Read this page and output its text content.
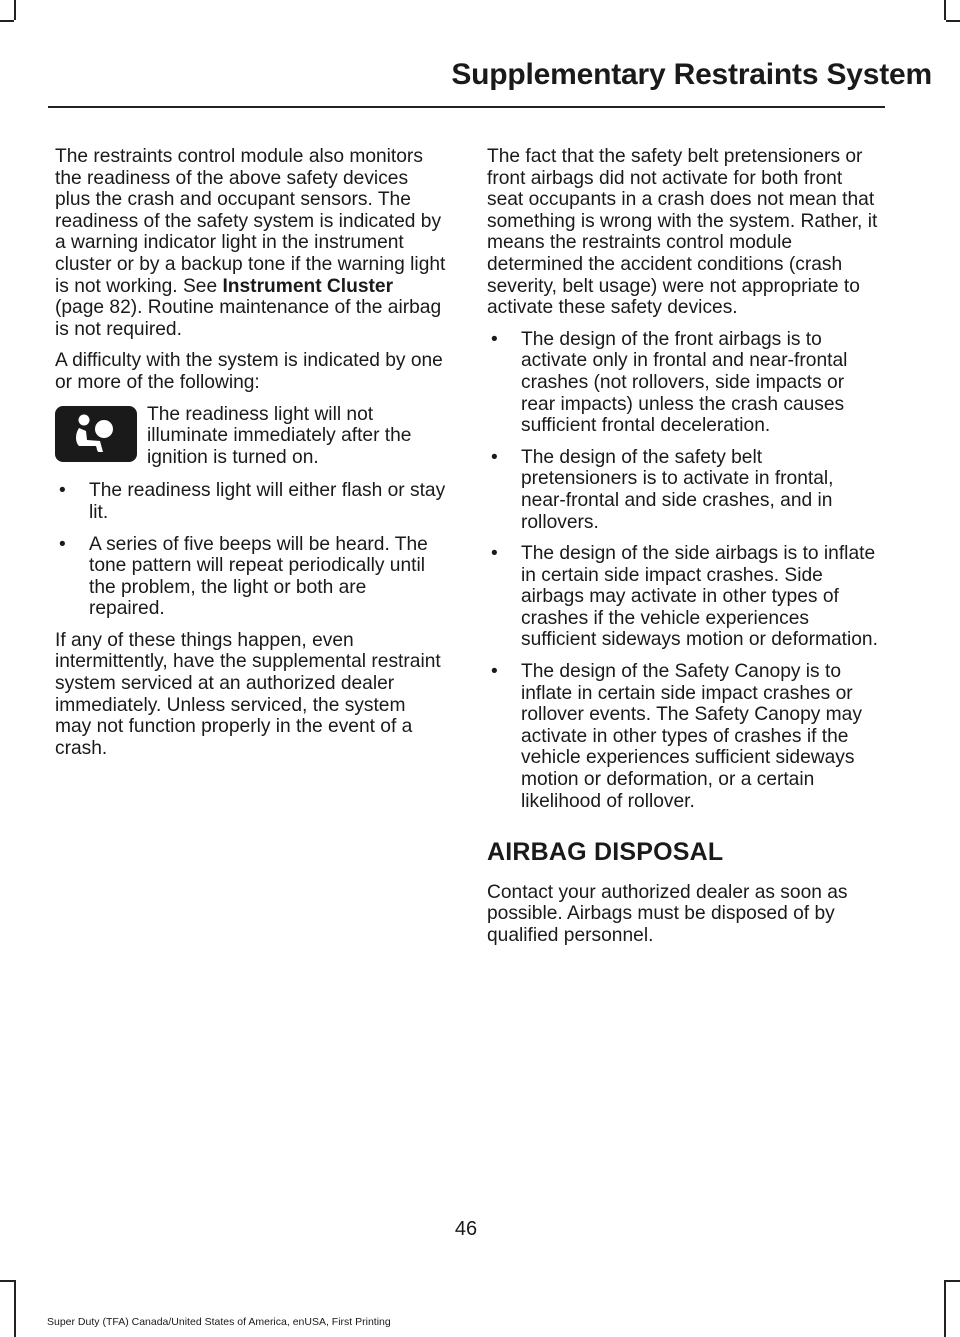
Supplementary Restraints System

The restraints control module also monitors the readiness of the above safety devices plus the crash and occupant sensors. The readiness of the safety system is indicated by a warning indicator light in the instrument cluster or by a backup tone if the warning light is not working. See Instrument Cluster (page 82). Routine maintenance of the airbag is not required.

A difficulty with the system is indicated by one or more of the following:

The readiness light will not illuminate immediately after the ignition is turned on.
• The readiness light will either flash or stay lit.
• A series of five beeps will be heard. The tone pattern will repeat periodically until the problem, the light or both are repaired.

If any of these things happen, even intermittently, have the supplemental restraint system serviced at an authorized dealer immediately. Unless serviced, the system may not function properly in the event of a crash.

The fact that the safety belt pretensioners or front airbags did not activate for both front seat occupants in a crash does not mean that something is wrong with the system. Rather, it means the restraints control module determined the accident conditions (crash severity, belt usage) were not appropriate to activate these safety devices.

• The design of the front airbags is to activate only in frontal and near-frontal crashes (not rollovers, side impacts or rear impacts) unless the crash causes sufficient frontal deceleration.
• The design of the safety belt pretensioners is to activate in frontal, near-frontal and side crashes, and in rollovers.
• The design of the side airbags is to inflate in certain side impact crashes. Side airbags may activate in other types of crashes if the vehicle experiences sufficient sideways motion or deformation.
• The design of the Safety Canopy is to inflate in certain side impact crashes or rollover events. The Safety Canopy may activate in other types of crashes if the vehicle experiences sufficient sideways motion or deformation, or a certain likelihood of rollover.
AIRBAG DISPOSAL

Contact your authorized dealer as soon as possible. Airbags must be disposed of by qualified personnel.

46
Super Duty (TFA) Canada/United States of America, enUSA, First Printing
